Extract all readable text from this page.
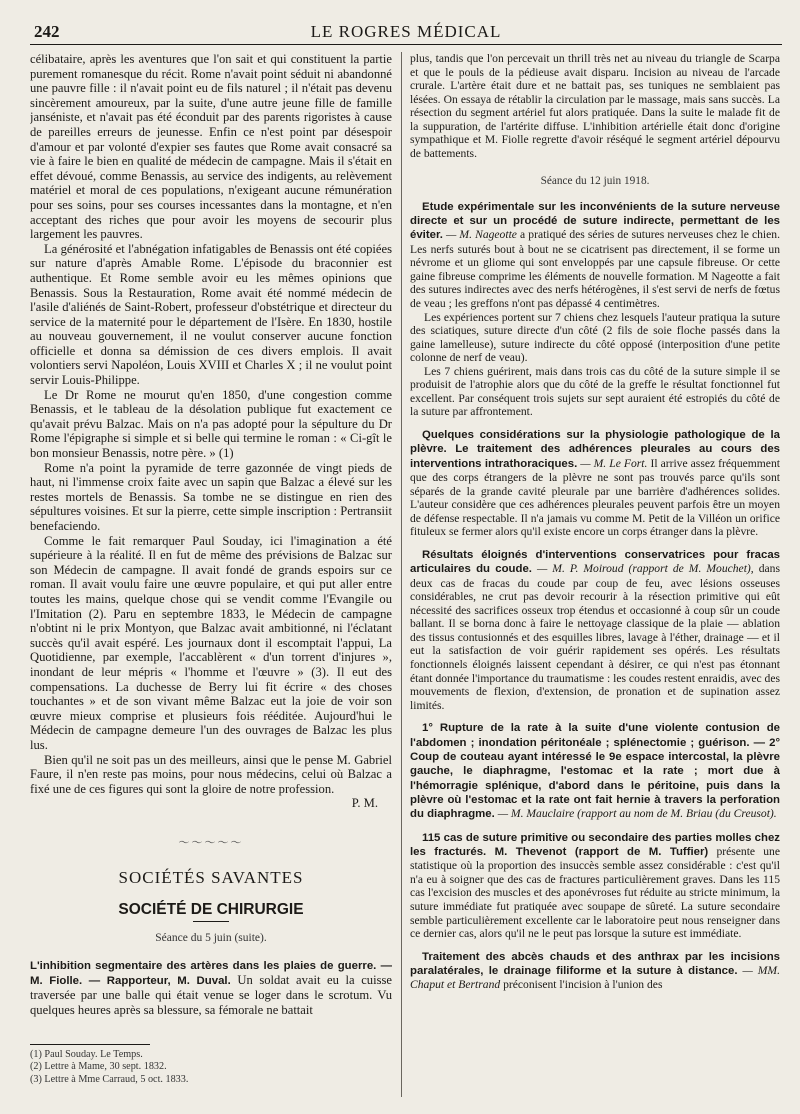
242	LE ROGRES MÉDICAL

célibataire, après les aventures que l'on sait et qui constituent la partie purement romanesque du récit. Rome n'avait point séduit ni abandonné une pauvre fille : il n'avait point eu de fils naturel ; il n'était pas devenu sincèrement amoureux, par la suite, d'une autre jeune fille de famille janséniste, et n'avait pas été éconduit par des parents rigoristes à cause de pareilles erreurs de jeunesse. Enfin ce n'est point par désespoir d'amour et par volonté d'expier ses fautes que Rome avait consacré sa vie à faire le bien en qualité de médecin de campagne. Mais il s'était en effet dévoué, comme Benassis, au service des indigents, au relèvement matériel et moral de ces populations, n'exigeant aucune rémunération pour ses soins, pour ses courses incessantes dans la montagne, et n'en acceptant des riches que pour avoir les moyens de secourir plus largement les pauvres.

La générosité et l'abnégation infatigables de Benassis ont été copiées sur nature d'après Amable Rome. L'épisode du braconnier est authentique. Et Rome semble avoir eu les mêmes opinions que Benassis. Sous la Restauration, Rome avait été nommé médecin de l'asile d'aliénés de Saint-Robert, professeur d'obstétrique et directeur du service de la maternité pour le département de l'Isère. En 1830, hostile au nouveau gouvernement, il ne voulut conserver aucune fonction officielle et donna sa démission de ces divers emplois. Il avait volontiers servi Napoléon, Louis XVIII et Charles X ; il ne voulut point servir Louis-Philippe.

Le Dr Rome ne mourut qu'en 1850, d'une congestion comme Benassis, et le tableau de la désolation publique fut exactement ce qu'avait prévu Balzac. Mais on n'a pas adopté pour la sépulture du Dr Rome l'épigraphe si simple et si belle qui termine le roman : « Ci-gît le bon monsieur Benassis, notre père. » (1)

Rome n'a point la pyramide de terre gazonnée de vingt pieds de haut, ni l'immense croix faite avec un sapin que Balzac a élevé sur les restes mortels de Benassis. Sa tombe ne se distingue en rien des sépultures voisines. Et sur la pierre, cette simple inscription : Pertransiit benefaciendo.

Comme le fait remarquer Paul Souday, ici l'imagination a été supérieure à la réalité. Il en fut de même des prévisions de Balzac sur son Médecin de campagne. Il avait fondé de grands espoirs sur ce roman. Il avait voulu faire une œuvre populaire, et qui put aller entre toutes les mains, quelque chose qui se vendit comme l'Evangile ou l'Imitation (2). Paru en septembre 1833, le Médecin de campagne n'obtint ni le prix Montyon, que Balzac avait ambitionné, ni l'éclatant succès qu'il avait espéré. Les journaux dont il escomptait l'appui, La Quotidienne, par exemple, l'accablèrent « d'un torrent d'injures », inondant de leur mépris « l'homme et l'œuvre » (3). Il eut des compensations. La duchesse de Berry lui fit écrire « des choses touchantes » et de son vivant même Balzac eut la joie de voir son œuvre mieux comprise et plusieurs fois rééditée. Aujourd'hui le Médecin de campagne demeure l'un des ouvrages de Balzac les plus lus.

Bien qu'il ne soit pas un des meilleurs, ainsi que le pense M. Gabriel Faure, il n'en reste pas moins, pour nous médecins, celui où Balzac a fixé une de ces figures qui sont la gloire de notre profession.

P. M.

〜〜〜〜〜
SOCIÉTÉS SAVANTES
SOCIÉTÉ DE CHIRURGIE
Séance du 5 juin (suite).

L'inhibition segmentaire des artères dans les plaies de guerre. — M. Fiolle. — Rapporteur, M. Duval. Un soldat avait eu la cuisse traversée par une balle qui était venue se loger dans le scrotum. Vu quelques heures après sa blessure, sa fémorale ne battait

(1) Paul Souday. Le Temps.

(2) Lettre à Mame, 30 sept. 1832.

(3) Lettre à Mme Carraud, 5 oct. 1833.

plus, tandis que l'on percevait un thrill très net au niveau du triangle de Scarpa et que le pouls de la pédieuse avait disparu. Incision au niveau de l'arcade crurale. L'artère était dure et ne battait pas, ses tuniques ne semblaient pas lésées. On essaya de rétablir la circulation par le massage, mais sans succès. La résection du segment artériel fut alors pratiquée. Dans la suite le malade fit de la suppuration, de l'artérite diffuse. L'inhibition artérielle était donc d'origine sympathique et M. Fiolle regrette d'avoir réséqué le segment artériel dépourvu de battements.

Séance du 12 juin 1918.

Etude expérimentale sur les inconvénients de la suture nerveuse directe et sur un procédé de suture indirecte, permettant de les éviter. — M. Nageotte a pratiqué des séries de sutures nerveuses chez le chien. Les nerfs suturés bout à bout ne se cicatrisent pas directement, il se forme un névrome et un gliome qui sont enveloppés par une capsule fibreuse. Or cette gaine fibreuse comprime les éléments de nouvelle formation. M Nageotte a fait des sutures indirectes avec des nerfs hétérogènes, il s'est servi de nerfs de fœtus de veau ; les greffons n'ont pas dépassé 4 centimètres.

Les expériences portent sur 7 chiens chez lesquels l'auteur pratiqua la suture des sciatiques, suture directe d'un côté (2 fils de soie floche passés dans la gaine lamelleuse), suture indirecte du côté opposé (interposition d'une petite colonne de nerf de veau).

Les 7 chiens guérirent, mais dans trois cas du côté de la suture simple il se produisit de l'atrophie alors que du côté de la greffe le résultat fonctionnel fut excellent. Par conséquent trois sujets sur sept auraient été estropiés du côté de la suture par affrontement.

Quelques considérations sur la physiologie pathologique de la plèvre. Le traitement des adhérences pleurales au cours des interventions intrathoraciques. — M. Le Fort. Il arrive assez fréquemment que des corps étrangers de la plèvre ne sont pas trouvés parce qu'ils sont séparés de la grande cavité pleurale par une barrière d'adhérences solides. L'auteur considère que ces adhérences pleurales peuvent parfois être un moyen de défense respectable. Il n'a jamais vu comme M. Petit de la Villéon un orifice fituleux se fermer alors qu'il existe encore un corps étranger dans la plèvre.

Résultats éloignés d'interventions conservatrices pour fracas articulaires du coude. — M. P. Moiroud (rapport de M. Mouchet), dans deux cas de fracas du coude par coup de feu, avec lésions osseuses considérables, ne crut pas devoir recourir à la résection primitive qui eût nécessité des sacrifices osseux trop étendus et occasionné à coup sûr un coude ballant. Il se borna donc à faire le nettoyage classique de la plaie — ablation des tissus contusionnés et des esquilles libres, lavage à l'éther, drainage — et il eut la satisfaction de voir guérir rapidement ses opérés. Les résultats fonctionnels éloignés laissent cependant à désirer, ce qui n'est pas étonnant étant donnée l'importance du traumatisme : les coudes restent enraidis, avec des mouvements de flexion, d'extension, de pronation et de supination assez limités.

1° Rupture de la rate à la suite d'une violente contusion de l'abdomen ; inondation péritonéale ; splénectomie ; guérison. — 2° Coup de couteau ayant intéressé le 9e espace intercostal, la plèvre gauche, le diaphragme, l'estomac et la rate ; mort due à l'hémorragie splénique, d'abord dans le péritoine, puis dans la plèvre où l'estomac et la rate ont fait hernie à travers la perforation du diaphragme. — M. Mauclaire (rapport au nom de M. Briau (du Creusot).

115 cas de suture primitive ou secondaire des parties molles chez les fracturés. M. Thevenot (rapport de M. Tuffier) présente une statistique où la proportion des insuccès semble assez considérable : c'est qu'il n'a eu à soigner que des cas de fractures particulièrement graves. Dans les 115 cas l'excision des muscles et des aponévroses fut réduite au stricte minimum, la suture immédiate fut pratiquée avec soupape de sûreté. La suture secondaire semble particulièrement excellente car le laboratoire peut nous renseigner dans ce dernier cas, alors qu'il ne le peut pas lorsque la suture est immédiate.

Traitement des abcès chauds et des anthrax par les incisions paralatérales, le drainage filiforme et la suture à distance. — MM. Chaput et Bertrand préconisent l'incision à l'union des
